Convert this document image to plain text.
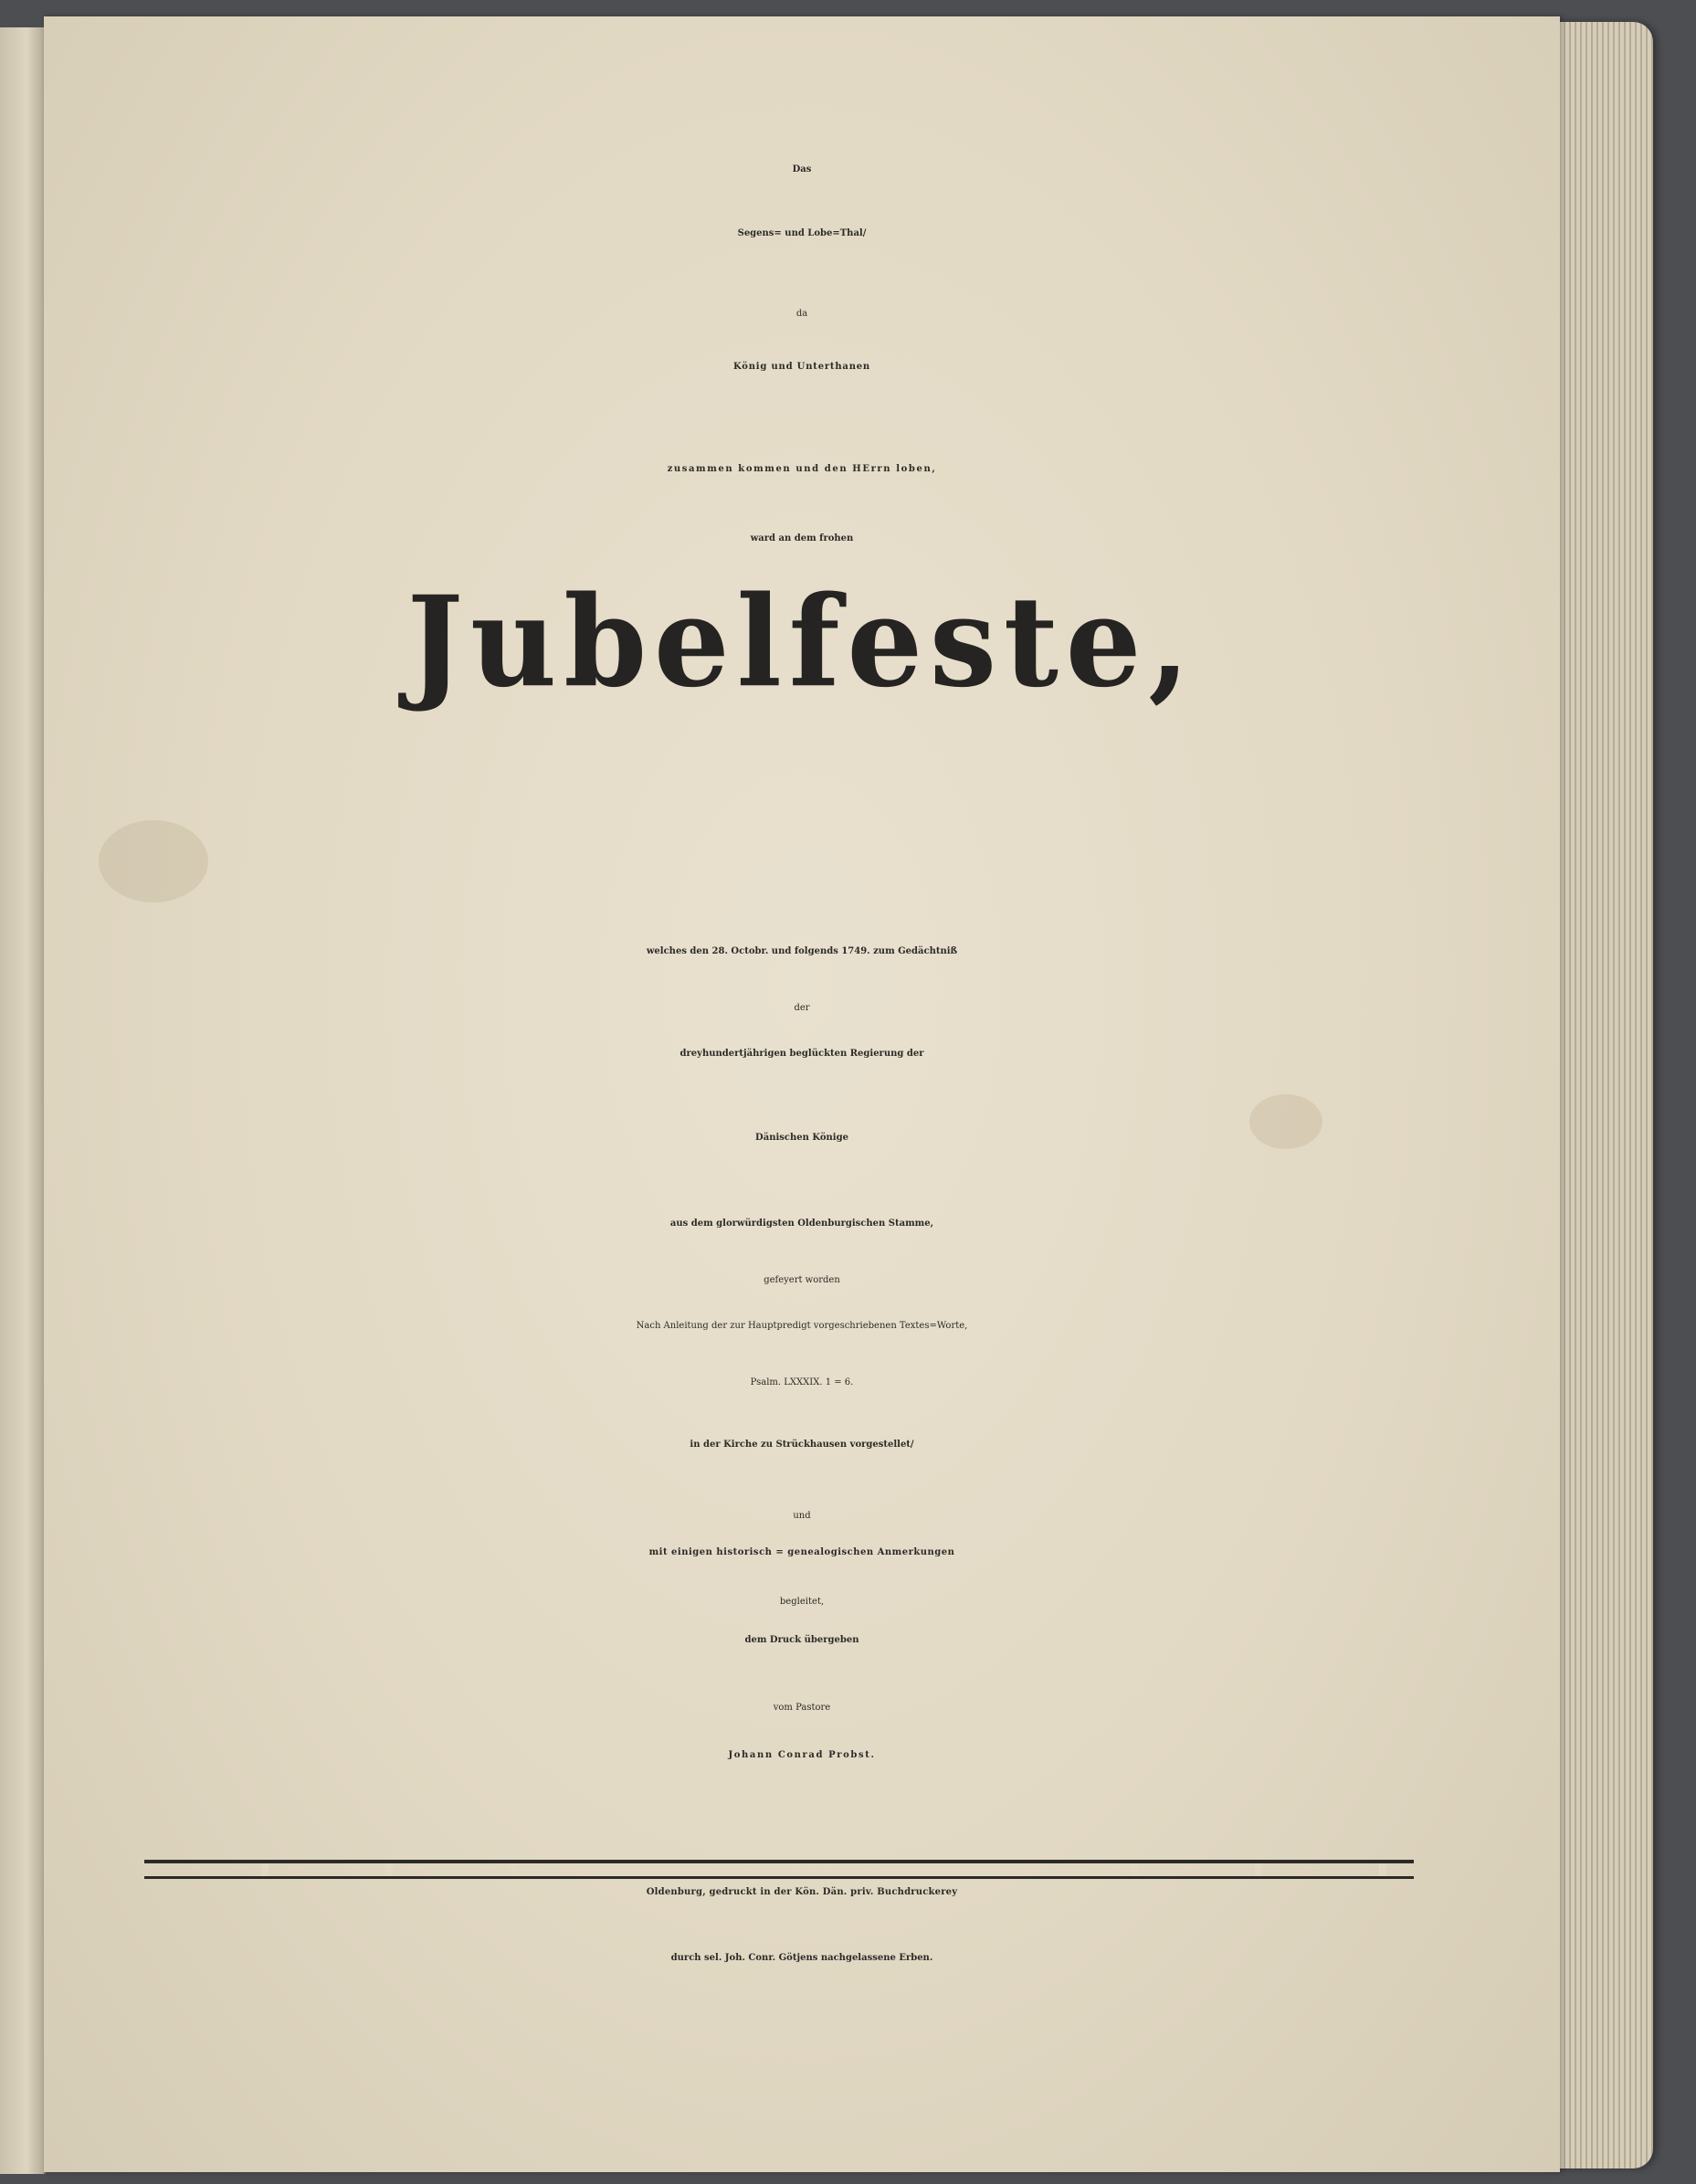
Das
Segens= und Lobe=Thal/
da
König und Unterthanen
zusammen kommen und den HErrn loben,
ward an dem frohen
Jubelfeste,
welches den 28. Octobr. und folgends 1749. zum Gedächtniß
der
dreyhundertjährigen beglückten Regierung der
Dänischen Könige
aus dem glorwürdigsten Oldenburgischen Stamme,
gefeyert worden
Nach Anleitung der zur Hauptpredigt vorgeschriebenen Textes=Worte,
Psalm. LXXXIX. 1 = 6.
in der Kirche zu Strückhausen vorgestellet/
und
mit einigen historisch = genealogischen Anmerkungen
begleitet,
dem Druck übergeben
vom Pastore
Johann Conrad Probst.
Oldenburg, gedruckt in der Kön. Dän. priv. Buchdruckerey
durch sel. Joh. Conr. Götjens nachgelassene Erben.
